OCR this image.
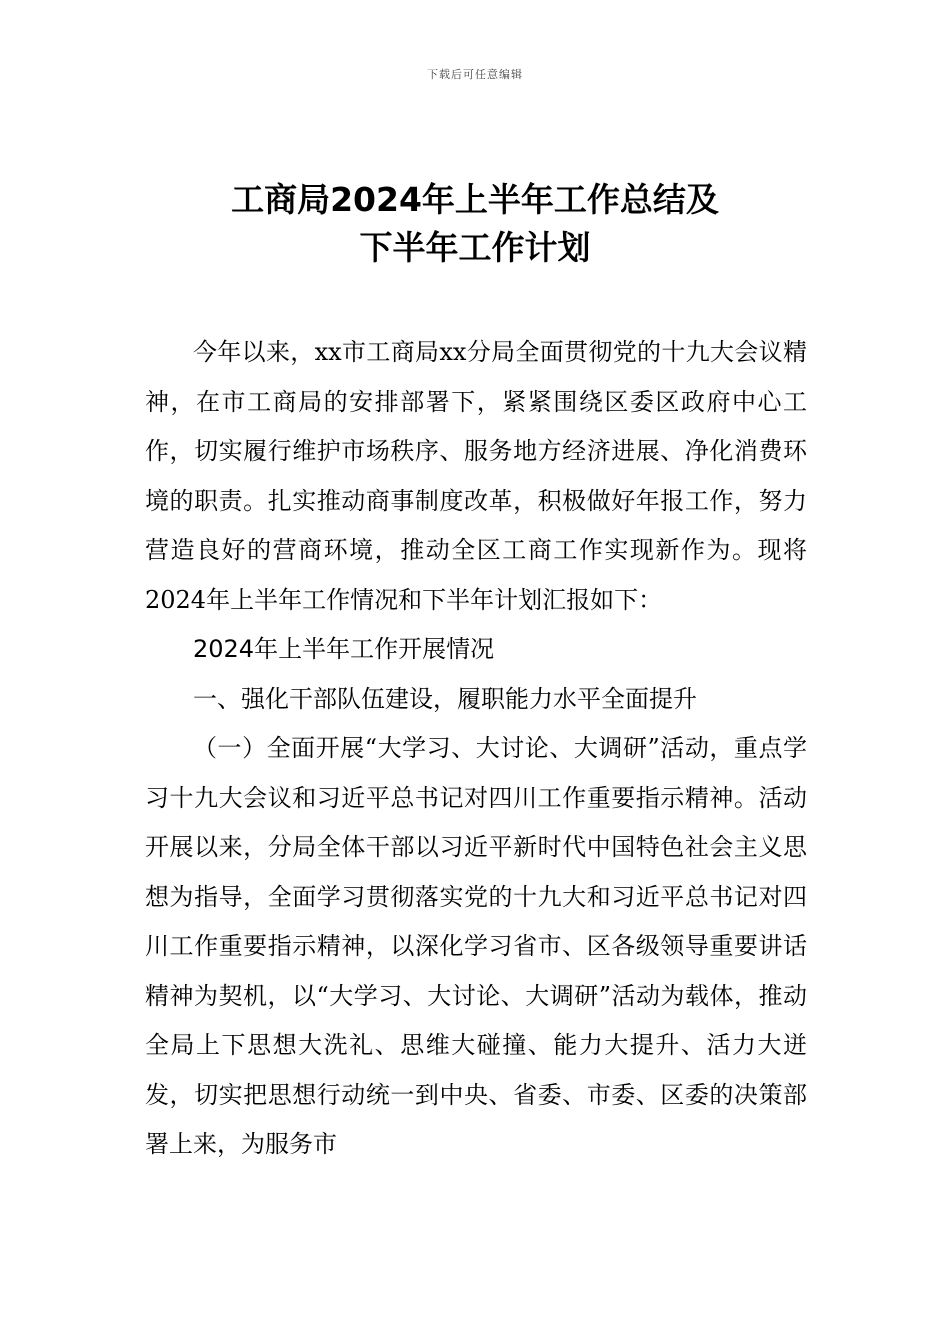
下载后可任意编辑
工商局2024年上半年工作总结及
下半年工作计划

今年以来，xx市工商局xx分局全面贯彻党的十九大会议精神，在市工商局的安排部署下，紧紧围绕区委区政府中心工作，切实履行维护市场秩序、服务地方经济进展、净化消费环境的职责。扎实推动商事制度改革，积极做好年报工作，努力营造良好的营商环境，推动全区工商工作实现新作为。现将2024年上半年工作情况和下半年计划汇报如下：

2024年上半年工作开展情况

一、强化干部队伍建设，履职能力水平全面提升

（一）全面开展“大学习、大讨论、大调研”活动，重点学习十九大会议和习近平总书记对四川工作重要指示精神。活动开展以来，分局全体干部以习近平新时代中国特色社会主义思想为指导，全面学习贯彻落实党的十九大和习近平总书记对四川工作重要指示精神，以深化学习省市、区各级领导重要讲话精神为契机，以“大学习、大讨论、大调研”活动为载体，推动全局上下思想大洗礼、思维大碰撞、能力大提升、活力大迸发，切实把思想行动统一到中央、省委、市委、区委的决策部署上来，为服务市
